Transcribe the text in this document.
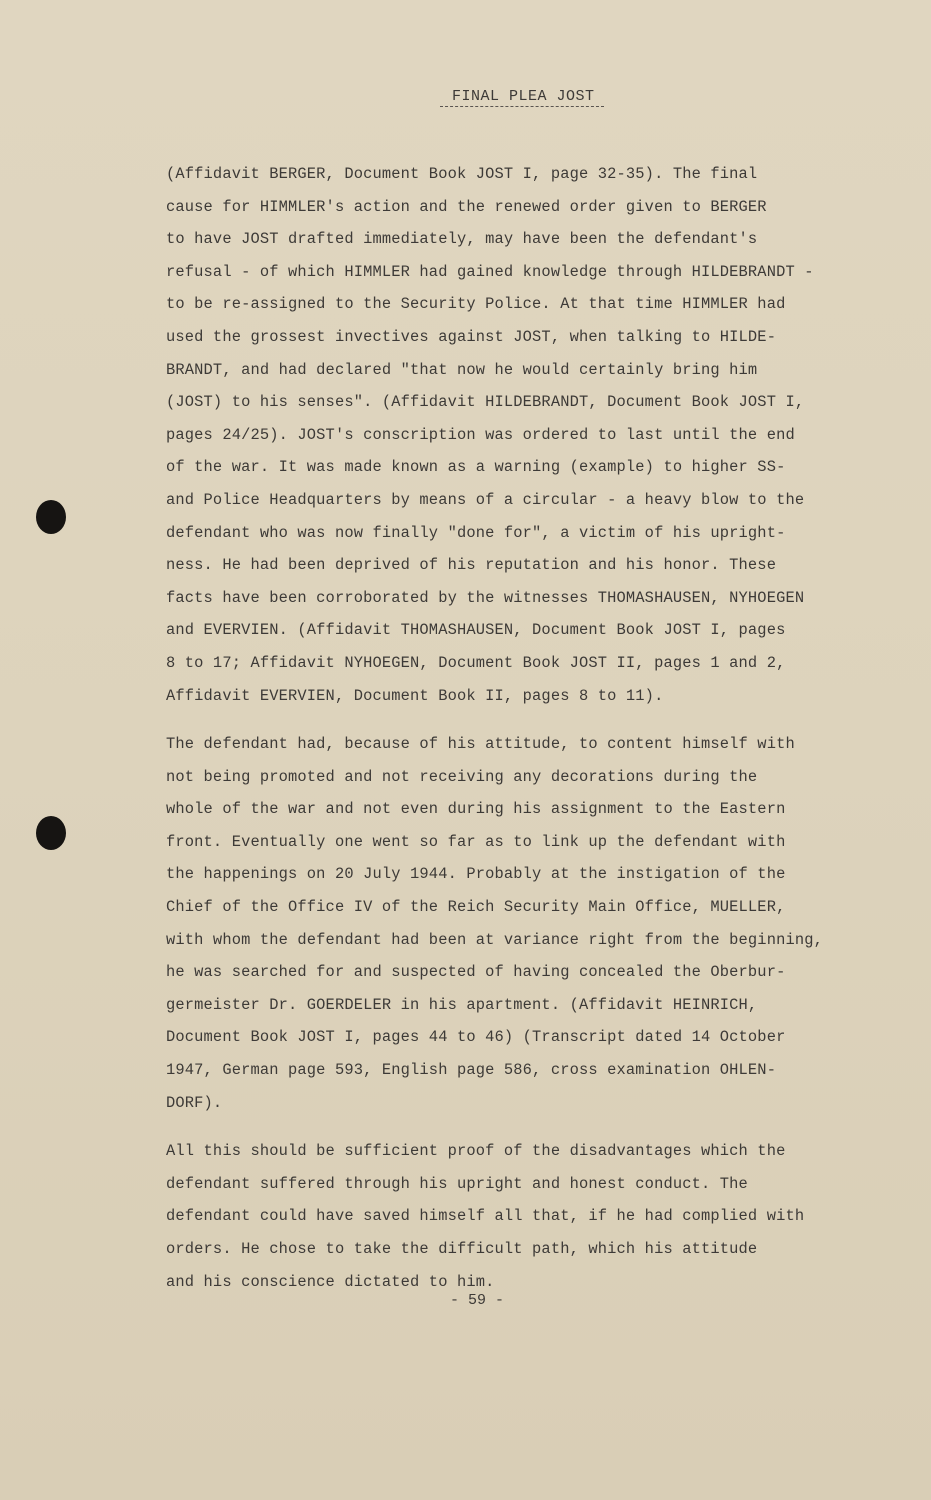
FINAL PLEA JOST

(Affidavit BERGER, Document Book JOST I, page 32-35). The final

cause for HIMMLER's action and the renewed order given to BERGER

to have JOST drafted immediately, may have been the defendant's

refusal - of which HIMMLER had gained knowledge through HILDEBRANDT -

to be re-assigned to the Security Police. At that time HIMMLER had

used the grossest invectives against JOST, when talking to HILDE-

BRANDT, and had declared "that now he would certainly bring him

(JOST) to his senses". (Affidavit HILDEBRANDT, Document Book JOST I,

pages 24/25). JOST's conscription was ordered to last until the end

of the war. It was made known as a warning (example) to higher SS-

and Police Headquarters by means of a circular - a heavy blow to the

defendant who was now finally "done for", a victim of his upright-

ness. He had been deprived of his reputation and his honor. These

facts have been corroborated by the witnesses THOMASHAUSEN, NYHOEGEN

and EVERVIEN. (Affidavit THOMASHAUSEN, Document Book JOST I, pages

8 to 17; Affidavit NYHOEGEN, Document Book JOST II, pages 1 and 2,

Affidavit EVERVIEN, Document Book II, pages 8 to 11).

The defendant had, because of his attitude, to content himself with

not being promoted and not receiving any decorations during the

whole of the war and not even during his assignment to the Eastern

front. Eventually one went so far as to link up the defendant with

the happenings on 20 July 1944. Probably at the instigation of the

Chief of the Office IV of the Reich Security Main Office, MUELLER,

with whom the defendant had been at variance right from the beginning,

he was searched for and suspected of having concealed the Oberbur-

germeister Dr. GOERDELER in his apartment. (Affidavit HEINRICH,

Document Book JOST I, pages 44 to 46) (Transcript dated 14 October

1947, German page 593, English page 586, cross examination OHLEN-

DORF).

All this should be sufficient proof of the disadvantages which the

defendant suffered through his upright and honest conduct. The

defendant could have saved himself all that, if he had complied with

orders. He chose to take the difficult path, which his attitude

and his conscience dictated to him.

- 59 -
